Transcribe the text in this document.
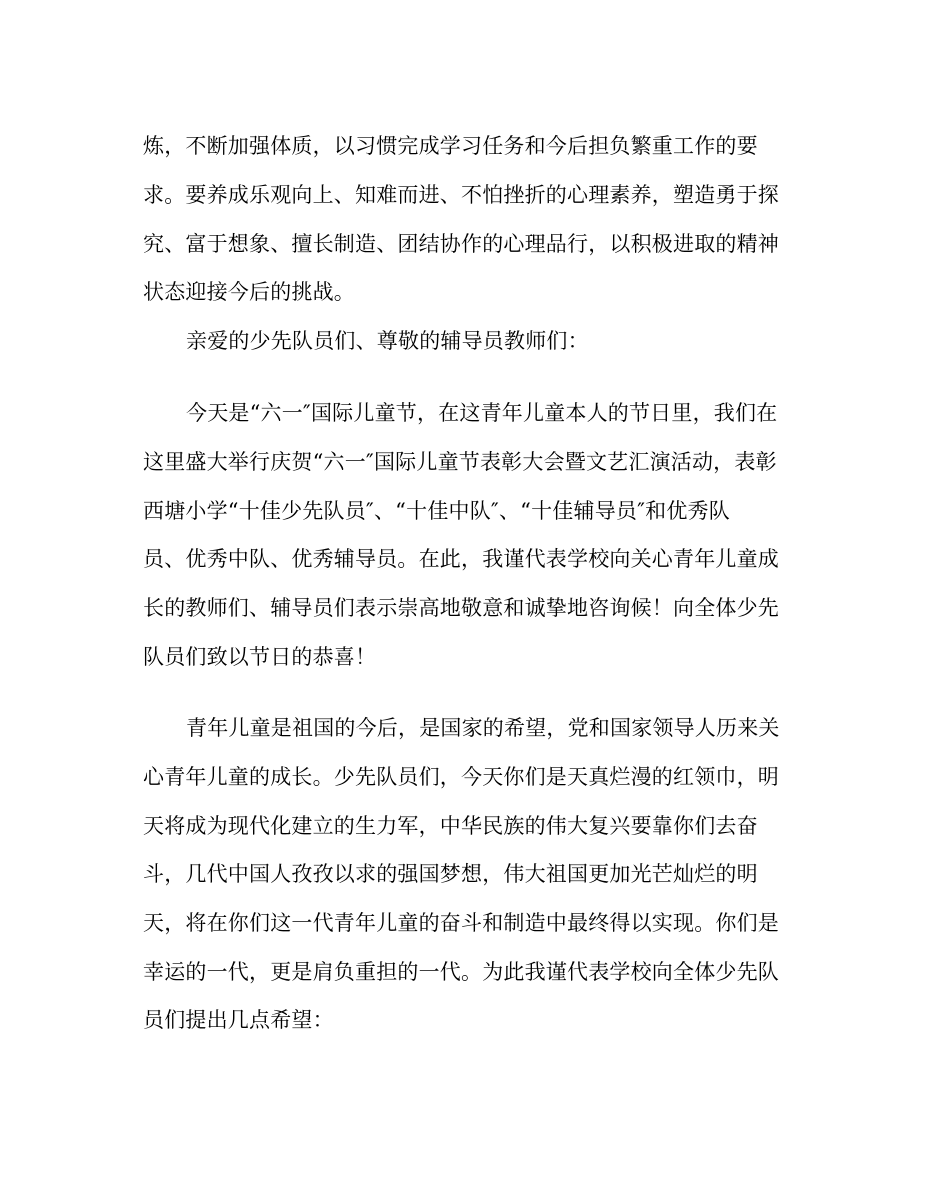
炼，不断加强体质，以习惯完成学习任务和今后担负繁重工作的要
求。要养成乐观向上、知难而进、不怕挫折的心理素养，塑造勇于探
究、富于想象、擅长制造、团结协作的心理品行，以积极进取的精神
状态迎接今后的挑战。
亲爱的少先队员们、尊敬的辅导员教师们：
今天是“六一″国际儿童节，在这青年儿童本人的节日里，我们在
这里盛大举行庆贺“六一″国际儿童节表彰大会暨文艺汇演活动，表彰
西塘小学“十佳少先队员″、“十佳中队″、“十佳辅导员″和优秀队
员、优秀中队、优秀辅导员。在此，我谨代表学校向关心青年儿童成
长的教师们、辅导员们表示崇高地敬意和诚挚地咨询候！向全体少先
队员们致以节日的恭喜！
青年儿童是祖国的今后，是国家的希望，党和国家领导人历来关
心青年儿童的成长。少先队员们，今天你们是天真烂漫的红领巾，明
天将成为现代化建立的生力军，中华民族的伟大复兴要靠你们去奋
斗，几代中国人孜孜以求的强国梦想，伟大祖国更加光芒灿烂的明
天，将在你们这一代青年儿童的奋斗和制造中最终得以实现。你们是
幸运的一代，更是肩负重担的一代。为此我谨代表学校向全体少先队
员们提出几点希望：
